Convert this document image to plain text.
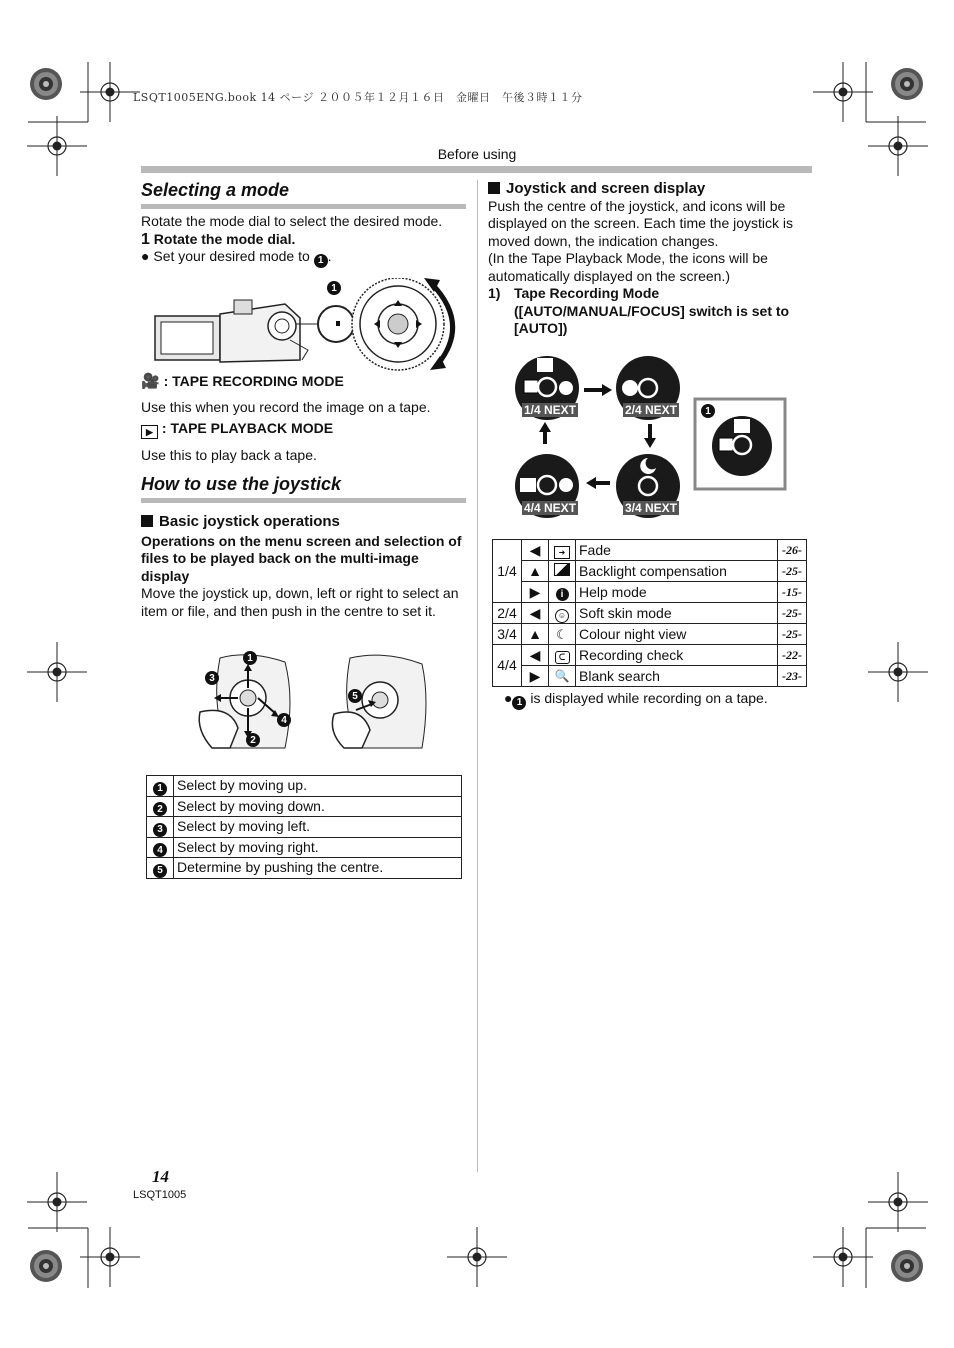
LSQT1005ENG.book 14 ページ ２００５年１２月１６日　金曜日　午後３時１１分
Before using
Selecting a mode

Rotate the mode dial to select the desired mode.

1 Rotate the mode dial.

● Set your desired mode to 1 .

1

🎥 : TAPE RECORDING MODE

Use this when you record the image on a tape.

▶ : TAPE PLAYBACK MODE

Use this to play back a tape.

How to use the joystick

Basic joystick operations

Operations on the menu screen and selection of files to be played back on the multi-image display

Move the joystick up, down, left or right to select an item or file, and then push in the centre to set it.

1
2
3
4
5
1	Select by moving up.
2	Select by moving down.
3	Select by moving left.
4	Select by moving right.
5	Determine by pushing the centre.

Joystick and screen display

Push the centre of the joystick, and icons will be displayed on the screen. Each time the joystick is moved down, the indication changes.

(In the Tape Playback Mode, the icons will be automatically displayed on the screen.)

1) Tape Recording Mode
([AUTO/MANUAL/FOCUS] switch is set to [AUTO])
1/4 NEXT	2/4 NEXT
3/4 NEXT
4/4 NEXT
1
1/4	◀	➜	Fade	-26-
	▲		Backlight compensation	-25-
	▶	i	Help mode	-15-
2/4	◀	☺	Soft skin mode	-25-
3/4	▲	☾	Colour night view	-25-
4/4	◀	ᑕ	Recording check	-22-
	▶	🔍	Blank search	-23-

● 1 is displayed while recording on a tape.

14
LSQT1005
